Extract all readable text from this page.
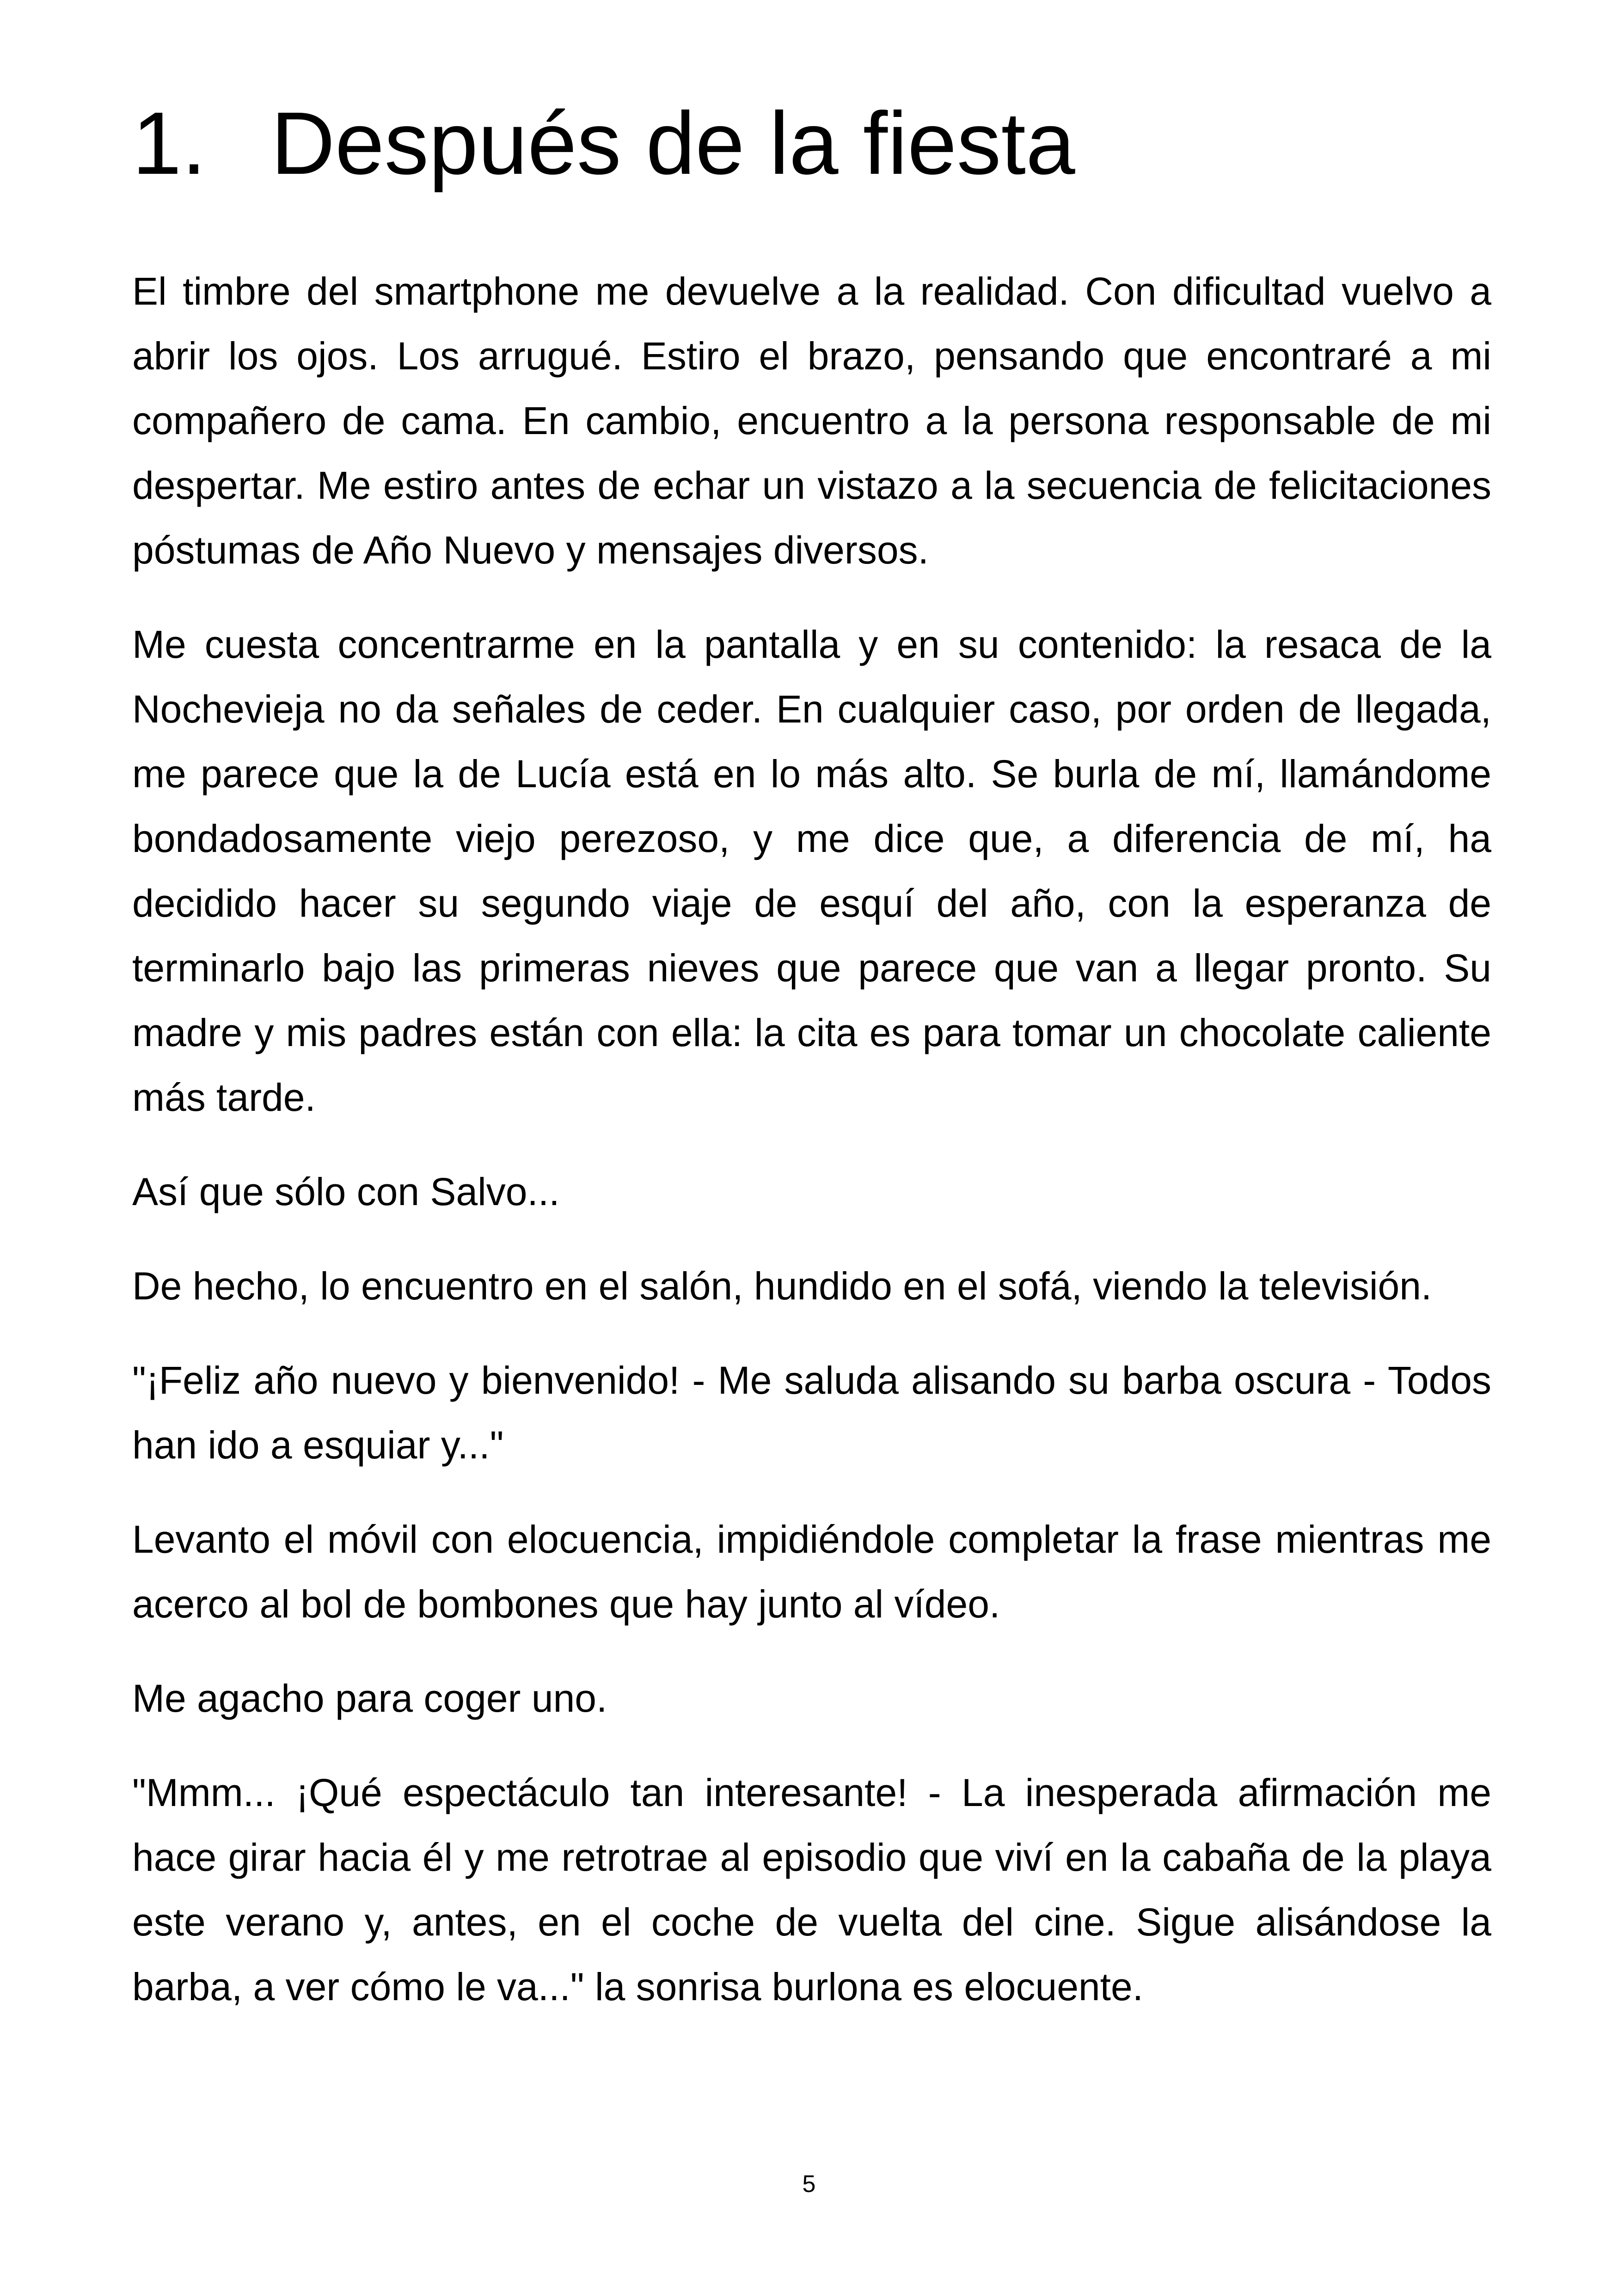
1. Después de la fiesta

El timbre del smartphone me devuelve a la realidad. Con dificultad vuelvo a abrir los ojos. Los arrugué. Estiro el brazo, pensando que encontraré a mi compañero de cama. En cambio, encuentro a la persona responsable de mi despertar. Me estiro antes de echar un vistazo a la secuencia de felicitaciones póstumas de Año Nuevo y mensajes diversos.

Me cuesta concentrarme en la pantalla y en su contenido: la resaca de la Nochevieja no da señales de ceder. En cualquier caso, por orden de llegada, me parece que la de Lucía está en lo más alto. Se burla de mí, llamándome bondadosamente viejo perezoso, y me dice que, a diferencia de mí, ha decidido hacer su segundo viaje de esquí del año, con la esperanza de terminarlo bajo las primeras nieves que parece que van a llegar pronto. Su madre y mis padres están con ella: la cita es para tomar un chocolate caliente más tarde.

Así que sólo con Salvo...

De hecho, lo encuentro en el salón, hundido en el sofá, viendo la televisión.

"¡Feliz año nuevo y bienvenido! - Me saluda alisando su barba oscura - Todos han ido a esquiar y..."

Levanto el móvil con elocuencia, impidiéndole completar la frase mientras me acerco al bol de bombones que hay junto al vídeo.

Me agacho para coger uno.

"Mmm... ¡Qué espectáculo tan interesante! - La inesperada afirmación me hace girar hacia él y me retrotrae al episodio que viví en la cabaña de la playa este verano y, antes, en el coche de vuelta del cine. Sigue alisándose la barba, a ver cómo le va..." la sonrisa burlona es elocuente.

5
